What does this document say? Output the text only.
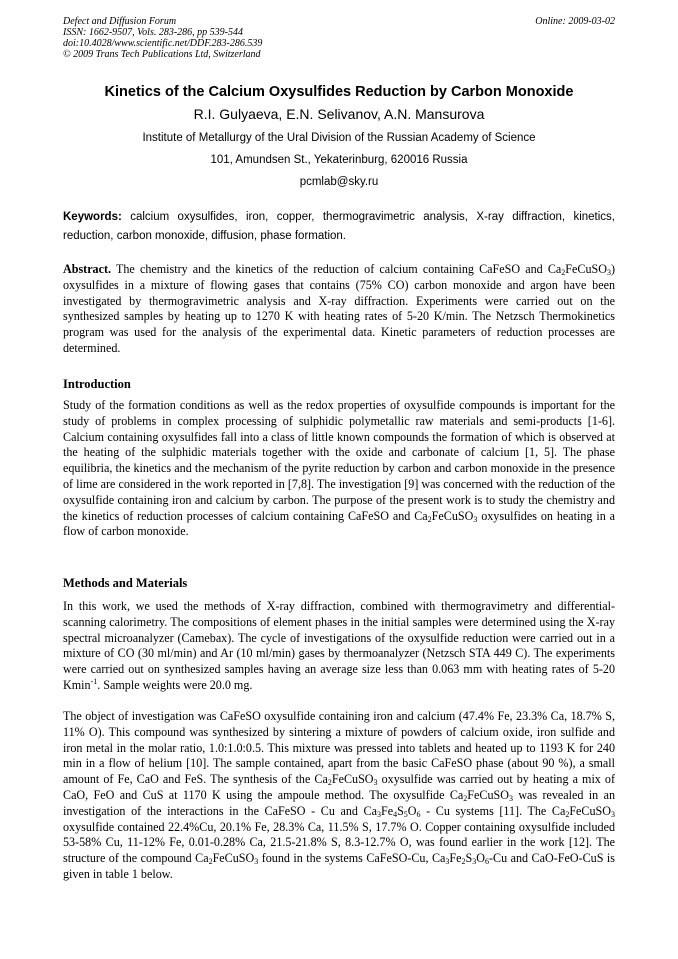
Defect and Diffusion Forum
ISSN: 1662-9507, Vols. 283-286, pp 539-544
doi:10.4028/www.scientific.net/DDF.283-286.539
© 2009 Trans Tech Publications Ltd, Switzerland
Online: 2009-03-02
Kinetics of the Calcium Oxysulfides Reduction by Carbon Monoxide
R.I. Gulyaeva, E.N. Selivanov, A.N. Mansurova
Institute of Metallurgy of the Ural Division of the Russian Academy of Science
101, Amundsen St., Yekaterinburg, 620016 Russia
pcmlab@sky.ru
Keywords: calcium oxysulfides, iron, copper, thermogravimetric analysis, X-ray diffraction, kinetics, reduction, carbon monoxide, diffusion, phase formation.
Abstract. The chemistry and the kinetics of the reduction of calcium containing CaFeSO and $Ca_2FeCuSO_3$) oxysulfides in a mixture of flowing gases that contains (75% CO) carbon monoxide and argon have been investigated by thermogravimetric analysis and X-ray diffraction. Experiments were carried out on the synthesized samples by heating up to 1270 K with heating rates of 5-20 K/min. The Netzsch Thermokinetics program was used for the analysis of the experimental data. Kinetic parameters of reduction processes are determined.
Introduction
Study of the formation conditions as well as the redox properties of oxysulfide compounds is important for the study of problems in complex processing of sulphidic polymetallic raw materials and semi-products [1-6]. Calcium containing oxysulfides fall into a class of little known compounds the formation of which is observed at the heating of the sulphidic materials together with the oxide and carbonate of calcium [1, 5]. The phase equilibria, the kinetics and the mechanism of the pyrite reduction by carbon and carbon monoxide in the presence of lime are considered in the work reported in [7,8]. The investigation [9] was concerned with the reduction of the oxysulfide containing iron and calcium by carbon. The purpose of the present work is to study the chemistry and the kinetics of reduction processes of calcium containing CaFeSO and $Ca_2FeCuSO_3$ oxysulfides on heating in a flow of carbon monoxide.
Methods and Materials
In this work, we used the methods of X-ray diffraction, combined with thermogravimetry and differential-scanning calorimetry. The compositions of element phases in the initial samples were determined using the X-ray spectral microanalyzer (Camebax). The cycle of investigations of the oxysulfide reduction were carried out in a mixture of CO (30 ml/min) and Ar (10 ml/min) gases by thermoanalyzer (Netzsch STA 449 C). The experiments were carried out on synthesized samples having an average size less than 0.063 mm with heating rates of 5-20 Kmin$^{-1}$. Sample weights were 20.0 mg.
The object of investigation was CaFeSO oxysulfide containing iron and calcium (47.4% Fe, 23.3% Ca, 18.7% S, 11% O). This compound was synthesized by sintering a mixture of powders of calcium oxide, iron sulfide and iron metal in the molar ratio, 1.0:1.0:0.5. This mixture was pressed into tablets and heated up to 1193 K for 240 min in a flow of helium [10]. The sample contained, apart from the basic CaFeSO phase (about 90 %), a small amount of Fe, CaO and FeS. The synthesis of the $Ca_2FeCuSO_3$ oxysulfide was carried out by heating a mix of CaO, FeO and CuS at 1170 K using the ampoule method. The oxysulfide $Ca_2FeCuSO_3$ was revealed in an investigation of the interactions in the CaFeSO - Cu and $Ca_3Fe_4S_5O_6$ - Cu systems [11]. The $Ca_2FeCuSO_3$ oxysulfide contained 22.4%Cu, 20.1% Fe, 28.3% Ca, 11.5% S, 17.7% O. Copper containing oxysulfide included 53-58% Cu, 11-12% Fe, 0.01-0.28% Ca, 21.5-21.8% S, 8.3-12.7% O, was found earlier in the work [12]. The structure of the compound $Ca_2FeCuSO_3$ found in the systems CaFeSO-Cu, $Ca_3Fe_2S_3O_6-Cu$ and CaO-FeO-CuS is given in table 1 below.
